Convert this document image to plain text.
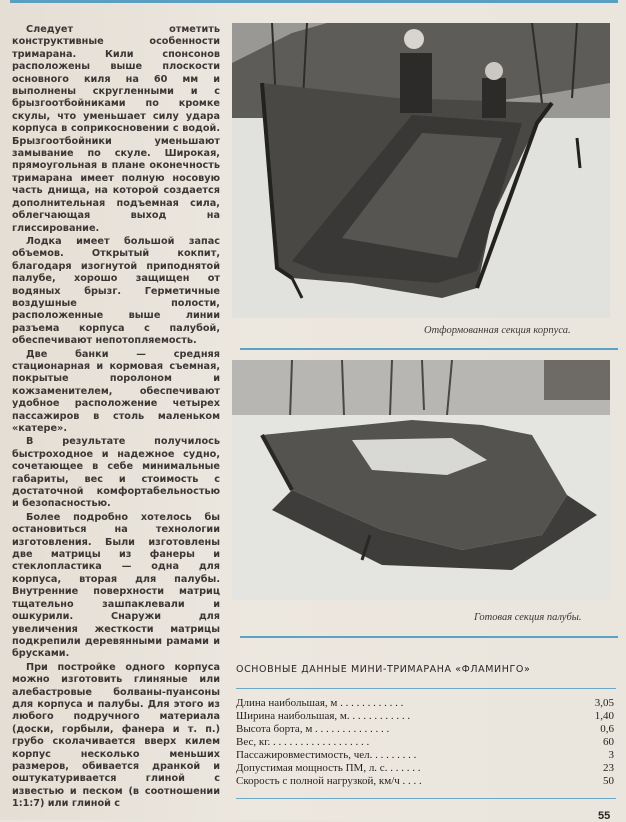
Следует отметить конструктивные особенности тримарана. Кили спонсонов расположены выше плоскости основного киля на 60 мм и выполнены скругленными и с брызгоотбойниками по кромке скулы, что уменьшает силу удара корпуса в соприкосновении с водой. Брызгоотбойники уменьшают замывание по скуле. Широкая, прямоугольная в плане оконечность тримарана имеет полную носовую часть днища, на которой создается дополнительная подъемная сила, облегчающая выход на глиссирование.

Лодка имеет большой запас объемов. Открытый кокпит, благодаря изогнутой приподнятой палубе, хорошо защищен от водяных брызг. Герметичные воздушные полости, расположенные выше линии разъема корпуса с палубой, обеспечивают непотопляемость.

Две банки — средняя стационарная и кормовая съемная, покрытые поролоном и кожзаменителем, обеспечивают удобное расположение четырех пассажиров в столь маленьком «катере».

В результате получилось быстроходное и надежное судно, сочетающее в себе минимальные габариты, вес и стоимость с достаточной комфортабельностью и безопасностью.

Более подробно хотелось бы остановиться на технологии изготовления. Были изготовлены две матрицы из фанеры и стеклопластика — одна для корпуса, вторая для палубы. Внутренние поверхности матриц тщательно зашпаклевали и ошкурили. Снаружи для увеличения жесткости матрицы подкрепили деревянными рамами и брусками.

При постройке одного корпуса можно изготовить глиняные или алебастровые болваны-пуансоны для корпуса и палубы. Для этого из любого подручного материала (доски, горбыли, фанера и т. п.) грубо сколачивается вверх килем корпус несколько меньших размеров, обивается дранкой и оштукатуривается глиной с известью и песком (в соотношении 1:1:7) или глиной с

Отформованная секция корпуса.
Готовая секция палубы.
ОСНОВНЫЕ ДАННЫЕ МИНИ-ТРИМАРАНА «ФЛАМИНГО»
Длина наибольшая, м . . . . . . . . . . . .	3,05
Ширина наибольшая, м. . . . . . . . . . . .	1,40
Высота борта, м . . . . . . . . . . . . . .	0,6
Вес, кг. . . . . . . . . . . . . . . . . . .	60
Пассажировместимость, чел. . . . . . . . .	3
Допустимая мощность ПМ, л. с. . . . . . .	23
Скорость с полной нагрузкой, км/ч . . . .	50
55
